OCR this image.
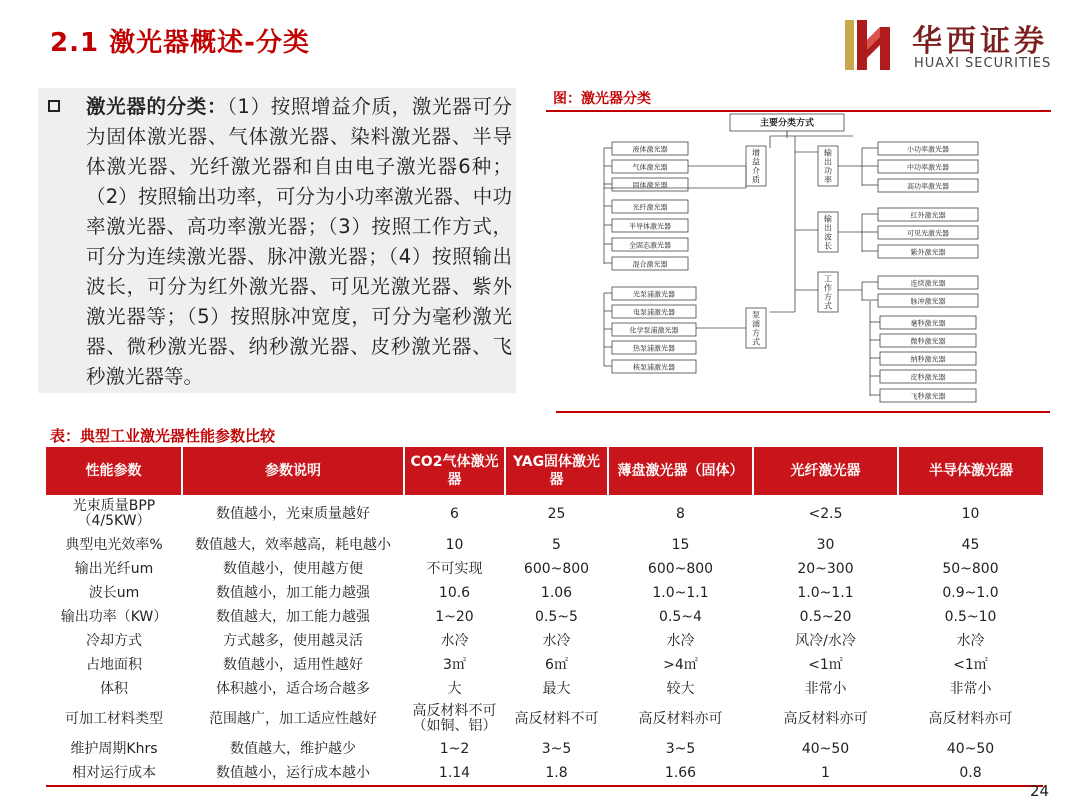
2.1 激光器概述-分类	华西证券
HUAXI SECURITIES
激光器的分类：（1）按照增益介质，激光器可分为固体激光器、气体激光器、染料激光器、半导体激光器、光纤激光器和自由电子激光器6种；（2）按照输出功率，可分为小功率激光器、中功率激光器、高功率激光器；（3）按照工作方式，可分为连续激光器、脉冲激光器；（4）按照输出波长，可分为红外激光器、可见光激光器、紫外激光器等；（5）按照脉冲宽度，可分为毫秒激光器、微秒激光器、纳秒激光器、皮秒激光器、飞秒激光器等。
图：激光器分类
主要分类方式
增
益
介
质
输
出
功
率
输
出
波
长
工
作
方
式
泵
浦
方
式
液体激光器
气体激光器
固体激光器
光纤激光器
半导体激光器
全固态激光器
混合激光器
光泵浦激光器
电泵浦激光器
化学泵浦激光器
热泵浦激光器
核泵浦激光器
小功率激光器
中功率激光器
高功率激光器
红外激光器
可见光激光器
紫外激光器
连续激光器
脉冲激光器
毫秒激光器
微秒激光器
纳秒激光器
皮秒激光器
飞秒激光器
表：典型工业激光器性能参数比较
性能参数	参数说明	CO2气体激光器	YAG固体激光器	薄盘激光器（固体）	光纤激光器	半导体激光器
光束质量BPP（4/5KW）	数值越小，光束质量越好	6	25	8	<2.5	10
典型电光效率%	数值越大，效率越高，耗电越小	10	5	15	30	45
输出光纤um	数值越小，使用越方便	不可实现	600~800	600~800	20~300	50~800
波长um	数值越小，加工能力越强	10.6	1.06	1.0~1.1	1.0~1.1	0.9~1.0
输出功率（KW）	数值越大，加工能力越强	1~20	0.5~5	0.5~4	0.5~20	0.5~10
冷却方式	方式越多，使用越灵活	水冷	水冷	水冷	风冷/水冷	水冷
占地面积	数值越小，适用性越好	3㎡	6㎡	>4㎡	<1㎡	<1㎡
体积	体积越小，适合场合越多	大	最大	较大	非常小	非常小
可加工材料类型	范围越广，加工适应性越好	高反材料不可（如铜、铝）	高反材料不可	高反材料亦可	高反材料亦可	高反材料亦可
维护周期Khrs	数值越大，维护越少	1~2	3~5	3~5	40~50	40~50
相对运行成本	数值越小，运行成本越小	1.14	1.8	1.66	1	0.8
24
